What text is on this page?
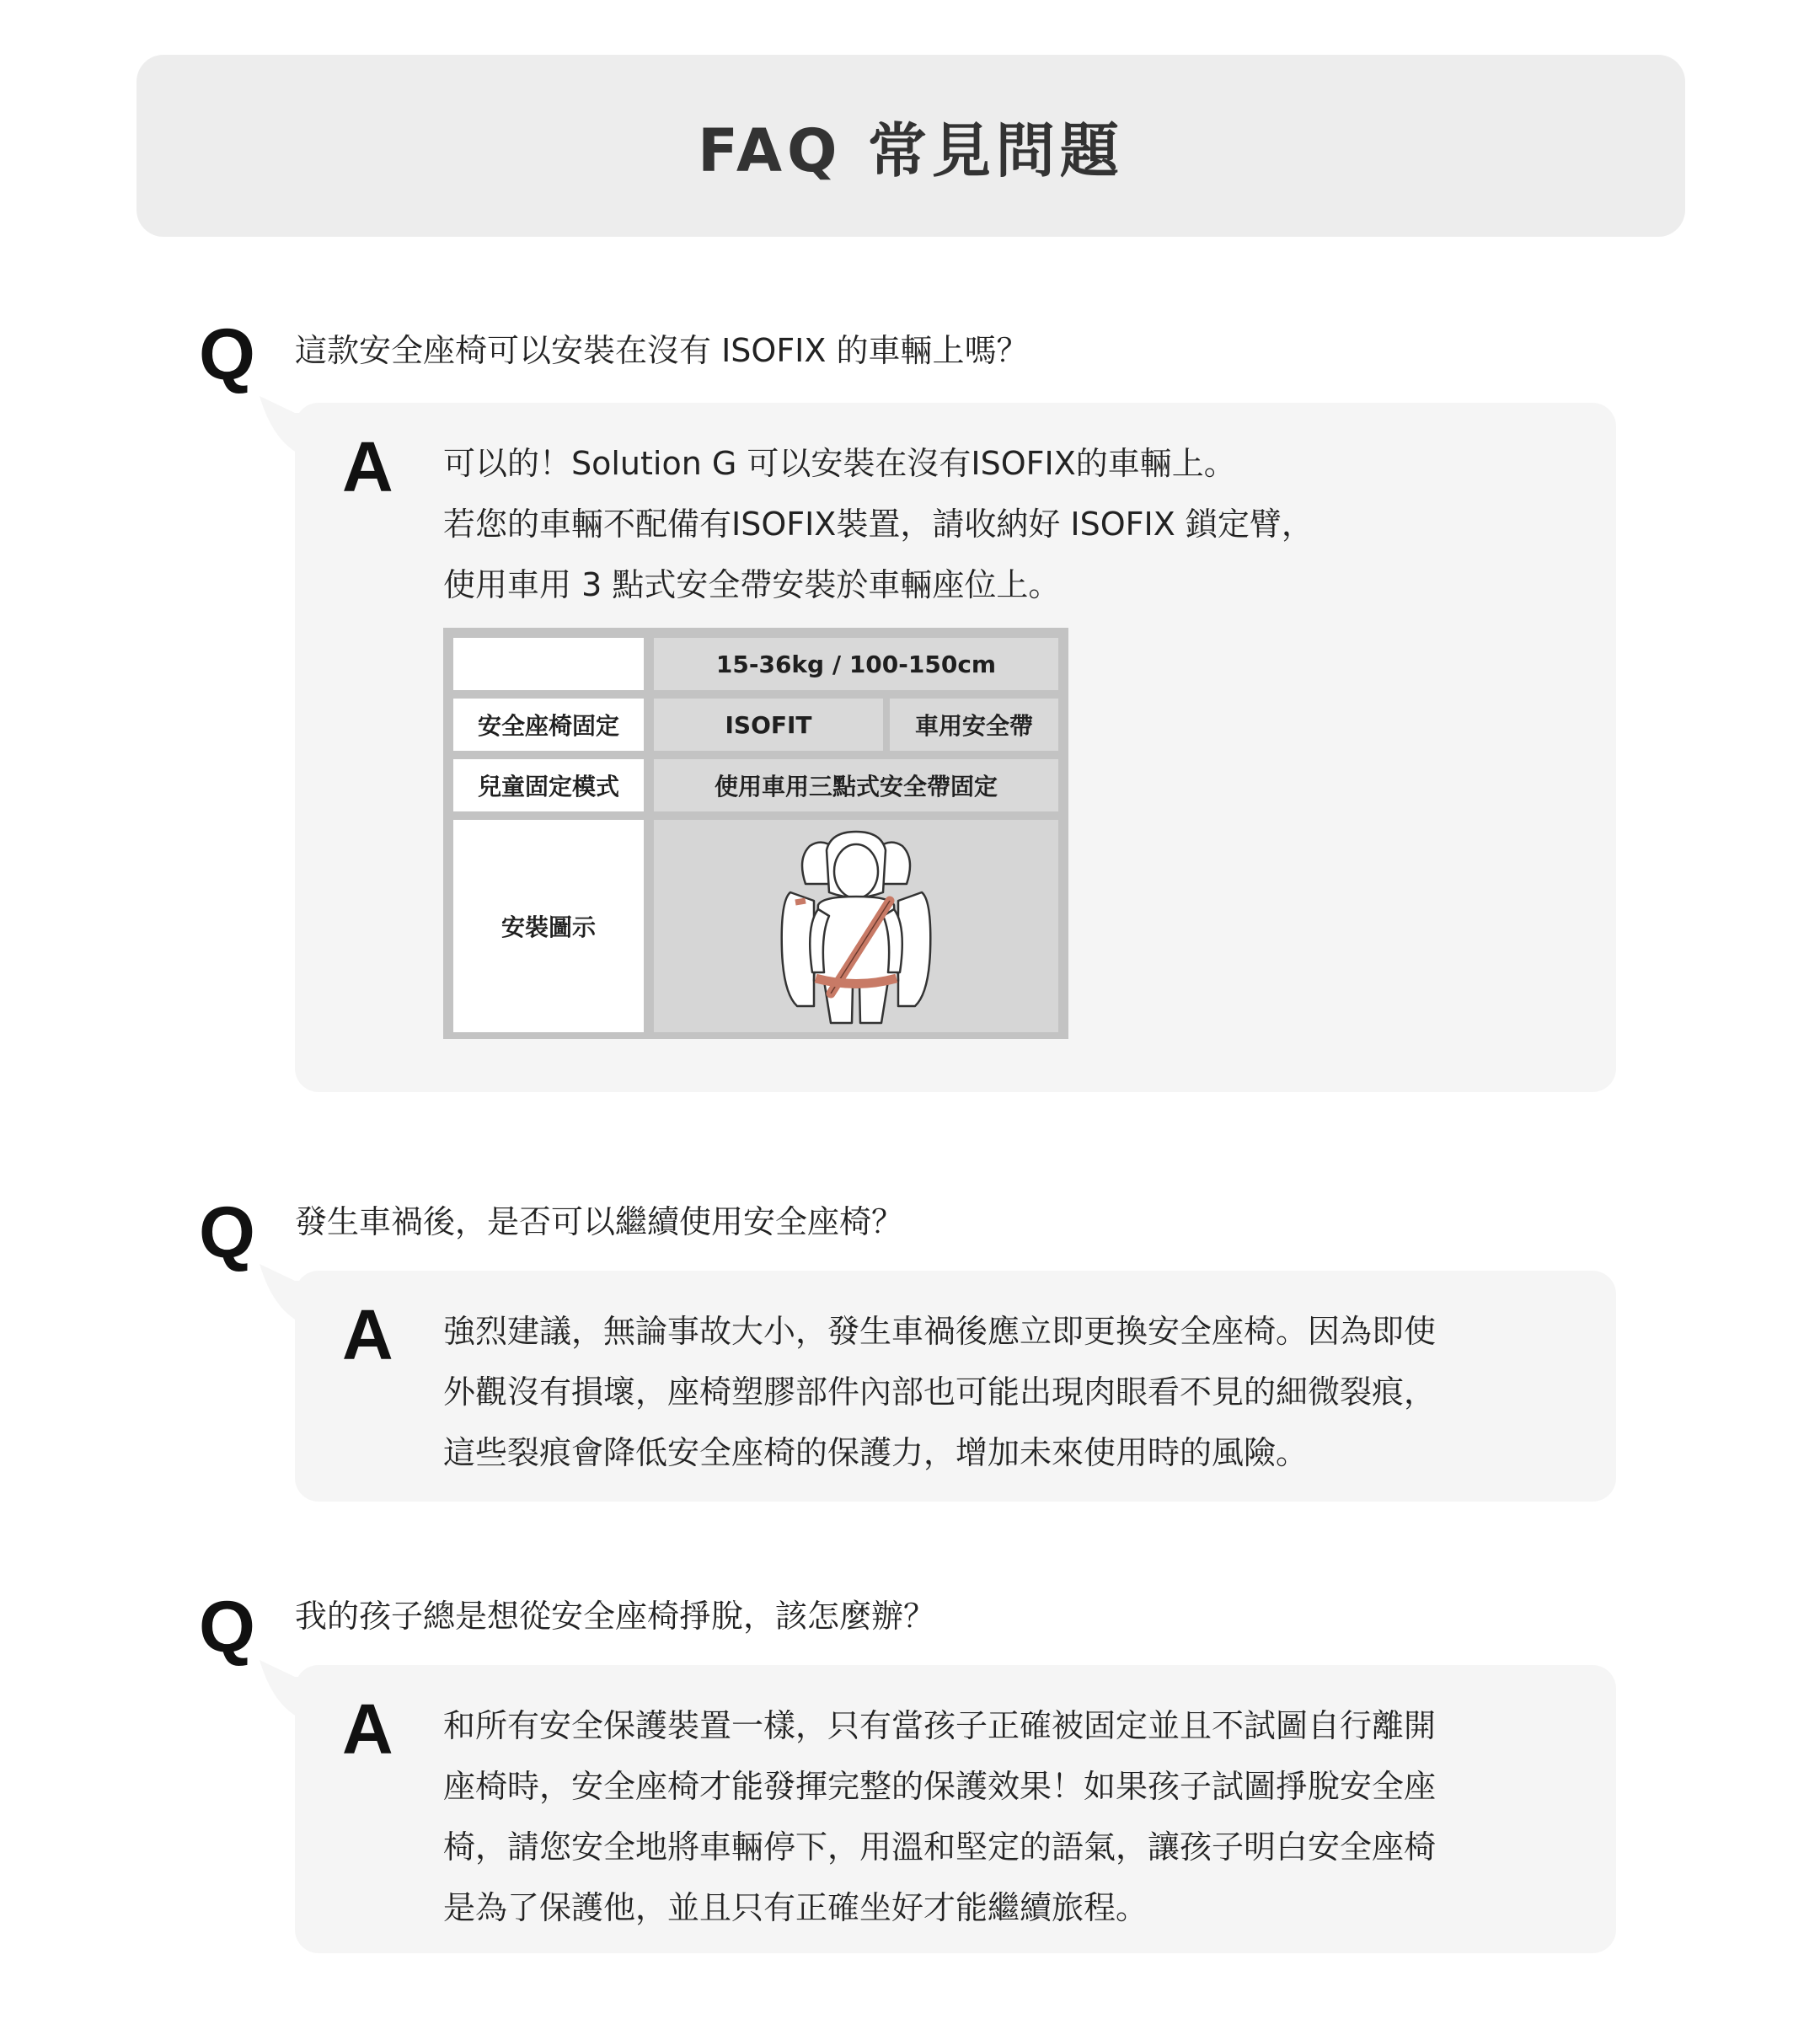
FAQ 常見問題
Q 這款安全座椅可以安裝在沒有 ISOFIX 的車輛上嗎？
A 可以的！Solution G 可以安裝在沒有ISOFIX的車輛上。

若您的車輛不配備有ISOFIX裝置，請收納好 ISOFIX 鎖定臂，

使用車用 3 點式安全帶安裝於車輛座位上。

15-36kg / 100-150cm
安全座椅固定	ISOFIT	車用安全帶
兒童固定模式	使用車用三點式安全帶固定
安裝圖示
Q 發生車禍後，是否可以繼續使用安全座椅？
A 強烈建議，無論事故大小，發生車禍後應立即更換安全座椅。因為即使

外觀沒有損壞，座椅塑膠部件內部也可能出現肉眼看不見的細微裂痕，

這些裂痕會降低安全座椅的保護力，增加未來使用時的風險。

Q 我的孩子總是想從安全座椅掙脫，該怎麼辦？
A 和所有安全保護裝置一樣，只有當孩子正確被固定並且不試圖自行離開

座椅時，安全座椅才能發揮完整的保護效果！如果孩子試圖掙脫安全座

椅，請您安全地將車輛停下，用溫和堅定的語氣，讓孩子明白安全座椅

是為了保護他，並且只有正確坐好才能繼續旅程。
